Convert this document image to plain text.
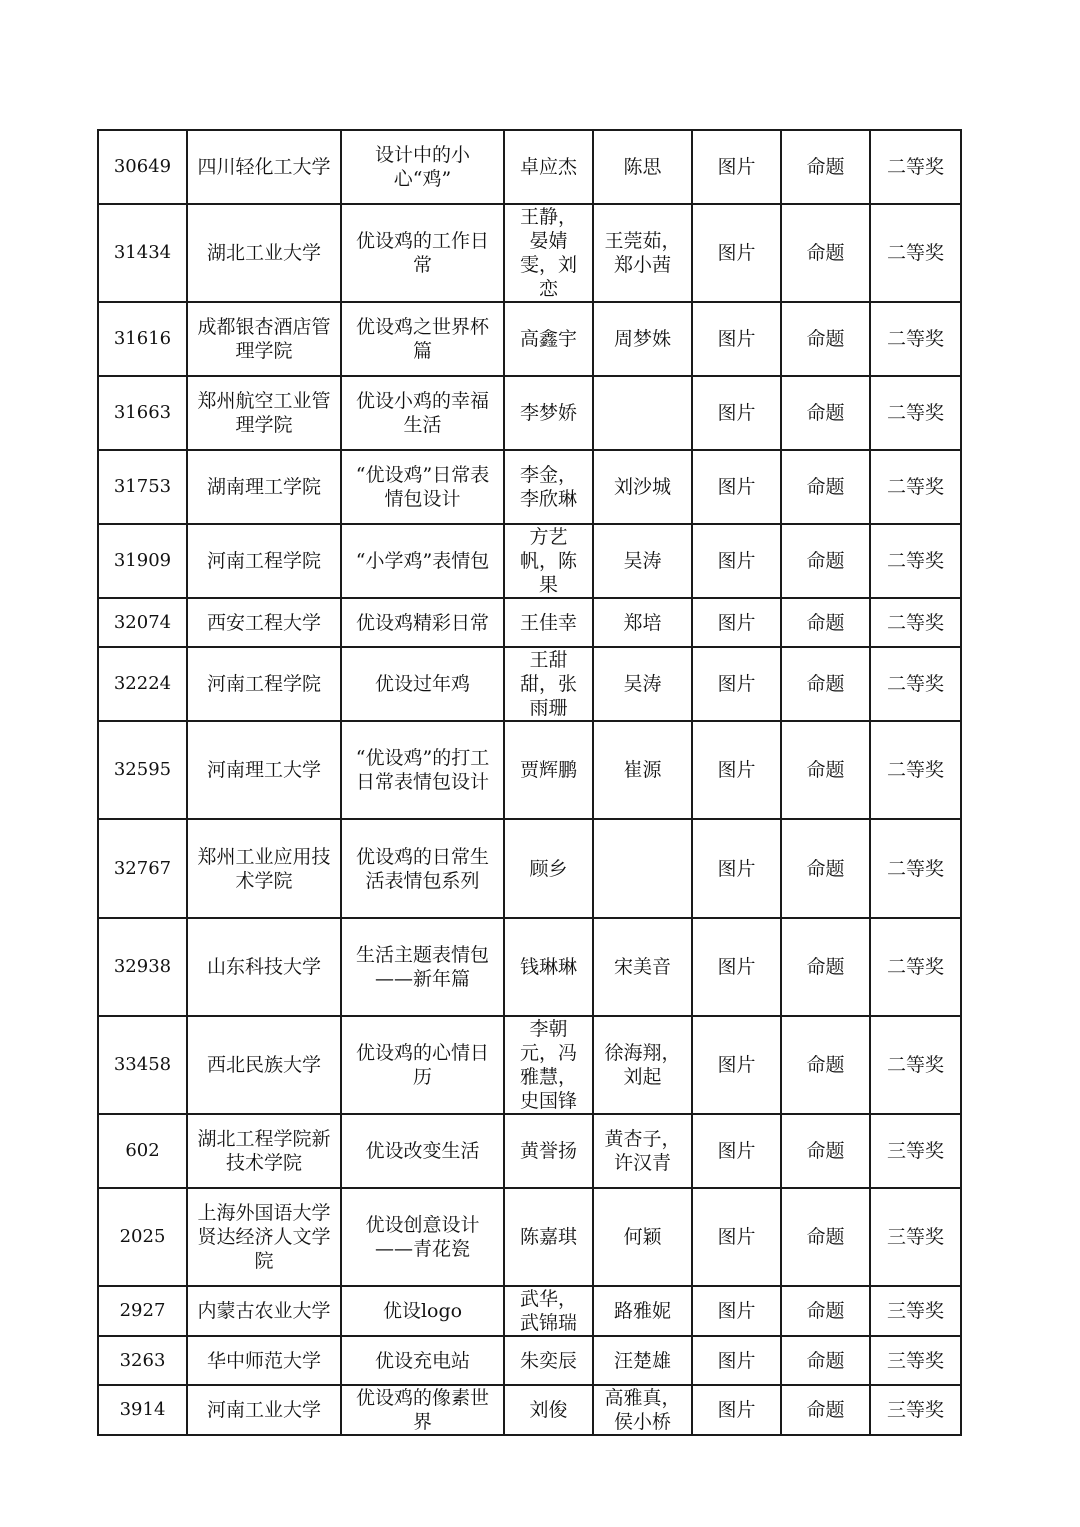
30649	四川轻化工大学	设计中的小心“鸡”	卓应杰	陈思	图片	命题	二等奖
31434	湖北工业大学	优设鸡的工作日常	王静，晏婧雯，刘恋	王莞茹，郑小茜	图片	命题	二等奖
31616	成都银杏酒店管理学院	优设鸡之世界杯篇	高鑫宇	周梦姝	图片	命题	二等奖
31663	郑州航空工业管理学院	优设小鸡的幸福生活	李梦娇		图片	命题	二等奖
31753	湖南理工学院	“优设鸡”日常表情包设计	李金，李欣琳	刘沙城	图片	命题	二等奖
31909	河南工程学院	“小学鸡”表情包	方艺帆，陈果	吴涛	图片	命题	二等奖
32074	西安工程大学	优设鸡精彩日常	王佳幸	郑培	图片	命题	二等奖
32224	河南工程学院	优设过年鸡	王甜甜，张雨珊	吴涛	图片	命题	二等奖
32595	河南理工大学	“优设鸡”的打工日常表情包设计	贾辉鹏	崔源	图片	命题	二等奖
32767	郑州工业应用技术学院	优设鸡的日常生活表情包系列	顾乡		图片	命题	二等奖
32938	山东科技大学	生活主题表情包——新年篇	钱琳琳	宋美音	图片	命题	二等奖
33458	西北民族大学	优设鸡的心情日历	李朝元，冯雅慧，史国锋	徐海翔，刘起	图片	命题	二等奖
602	湖北工程学院新技术学院	优设改变生活	黄誉扬	黄杏子，许汉青	图片	命题	三等奖
2025	上海外国语大学贤达经济人文学院	优设创意设计——青花瓷	陈嘉琪	何颖	图片	命题	三等奖
2927	内蒙古农业大学	优设logo	武华，武锦瑞	路雅妮	图片	命题	三等奖
3263	华中师范大学	优设充电站	朱奕辰	汪楚雄	图片	命题	三等奖
3914	河南工业大学	优设鸡的像素世界	刘俊	高雅真，侯小桥	图片	命题	三等奖
